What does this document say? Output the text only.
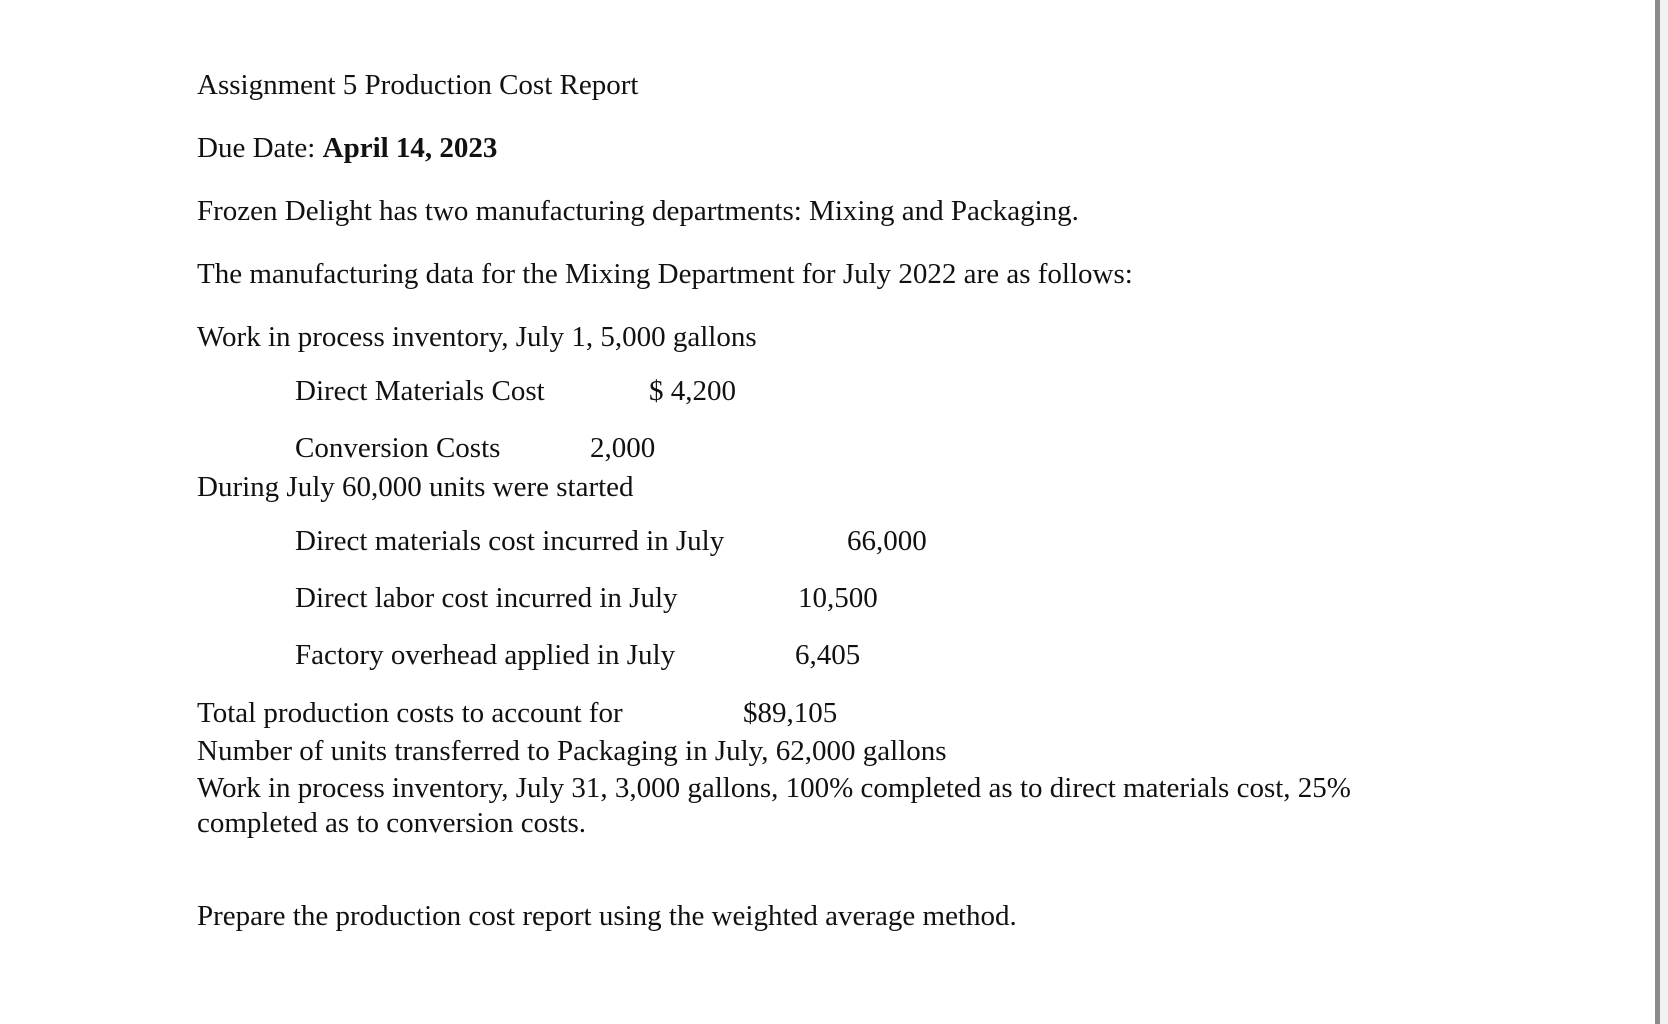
Assignment 5 Production Cost Report
Due Date: April 14, 2023
Frozen Delight has two manufacturing departments: Mixing and Packaging.
The manufacturing data for the Mixing Department for July 2022 are as follows:
Work in process inventory, July 1, 5,000 gallons
Direct Materials Cost	$ 4,200
Conversion Costs	2,000
During July 60,000 units were started
Direct materials cost incurred in July	66,000
Direct labor cost incurred in July	10,500
Factory overhead applied in July	6,405
Total production costs to account for	$89,105
Number of units transferred to Packaging in July, 62,000 gallons
Work in process inventory, July 31, 3,000 gallons, 100% completed as to direct materials cost, 25% completed as to conversion costs.
Prepare the production cost report using the weighted average method.
